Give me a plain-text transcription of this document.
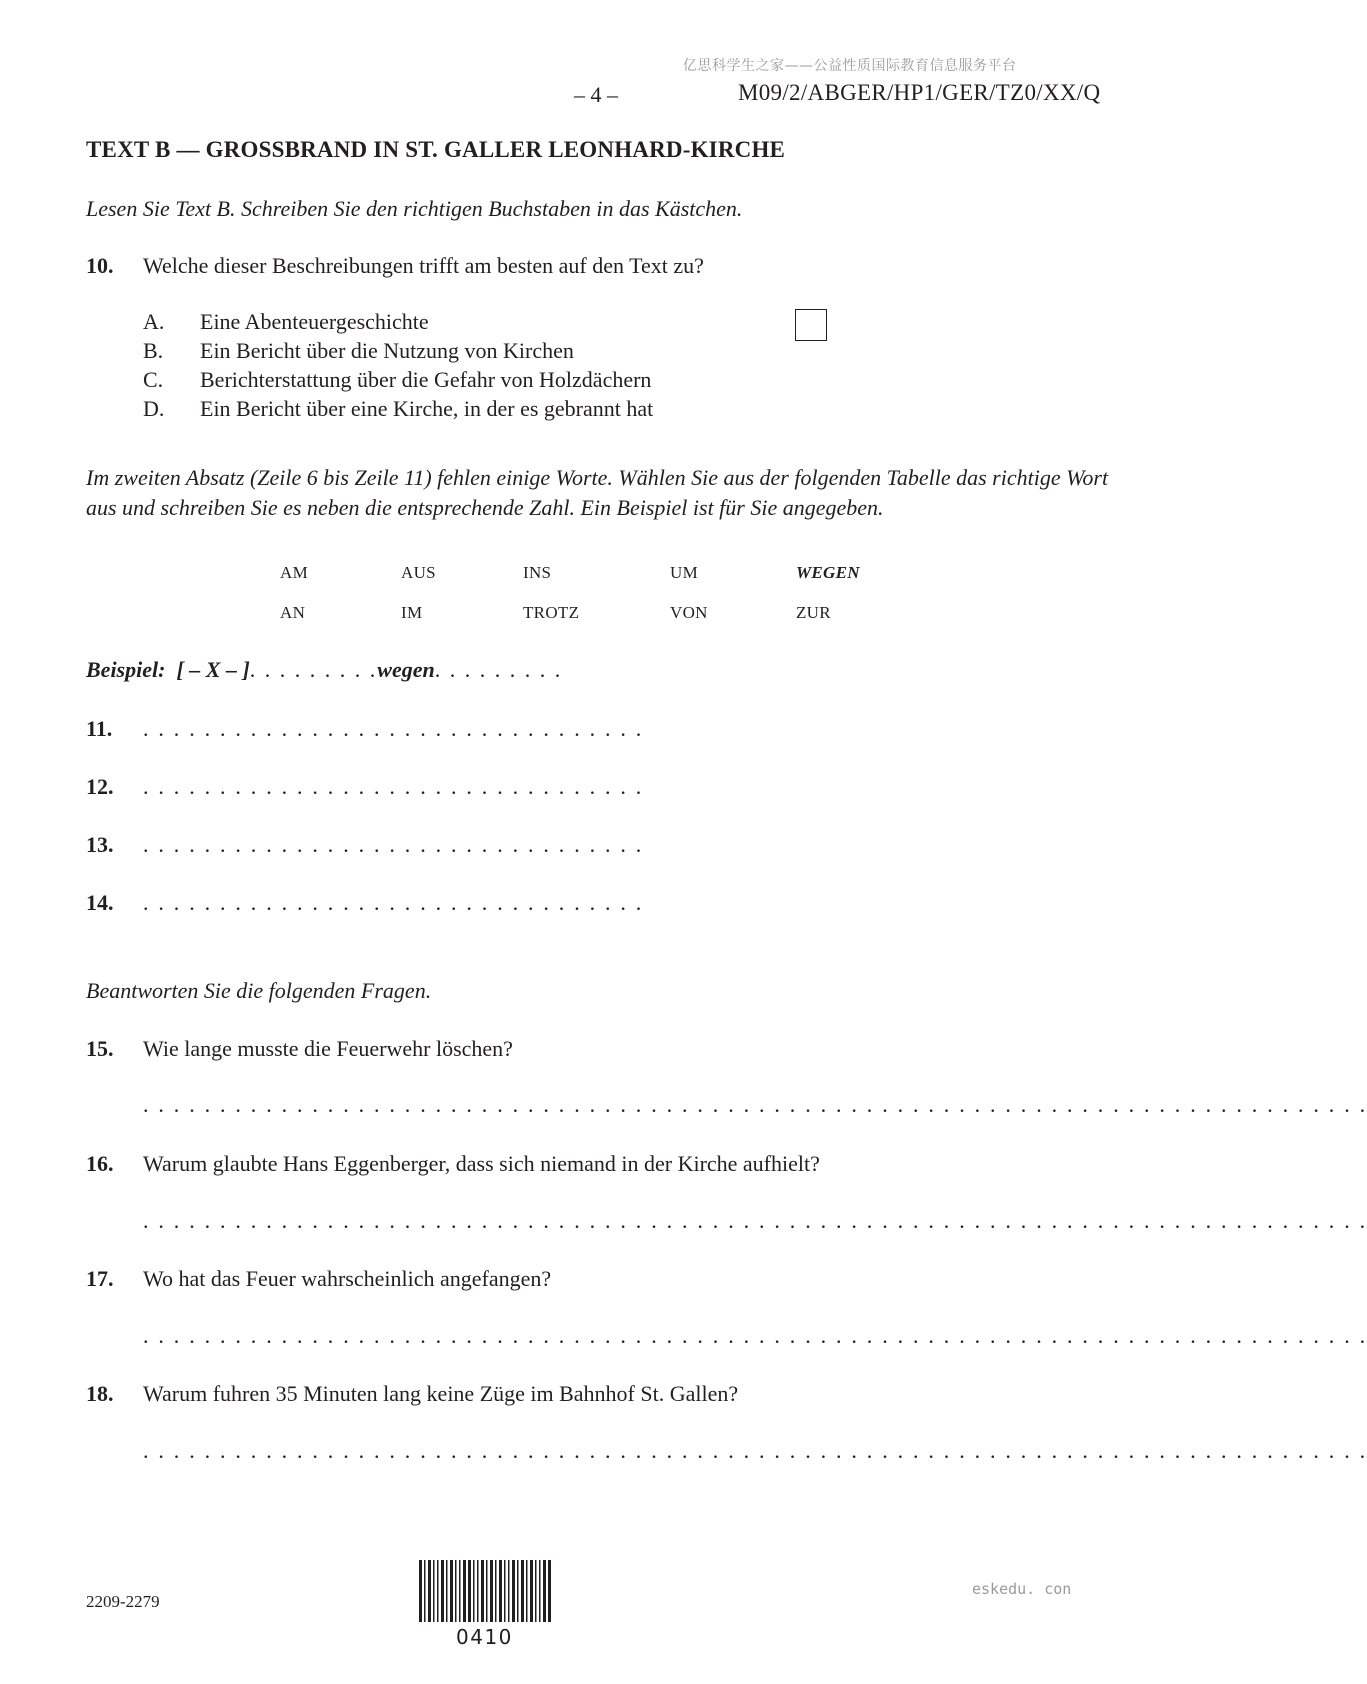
亿思科学生之家——公益性质国际教育信息服务平台
– 4 –	M09/2/ABGER/HP1/GER/TZ0/XX/Q
TEXT B — GROSSBRAND IN ST. GALLER LEONHARD-KIRCHE
Lesen Sie Text B. Schreiben Sie den richtigen Buchstaben in das Kästchen.
10. Welche dieser Beschreibungen trifft am besten auf den Text zu?
A. Eine Abenteuergeschichte
B. Ein Bericht über die Nutzung von Kirchen
C. Berichterstattung über die Gefahr von Holzdächern
D. Ein Bericht über eine Kirche, in der es gebrannt hat
Im zweiten Absatz (Zeile 6 bis Zeile 11) fehlen einige Worte. Wählen Sie aus der folgenden Tabelle das richtige Wort aus und schreiben Sie es neben die entsprechende Zahl. Ein Beispiel ist für Sie angegeben.
AM	AUS	INS	UM	WEGEN
AN	IM	TROTZ	VON	ZUR
Beispiel: [ – X – ]. . . . . . . . .wegen. . . . . . . . .
11. . . . . . . . . . . . . . . . . . . . . . . . . . . . . . . . . .
12. . . . . . . . . . . . . . . . . . . . . . . . . . . . . . . . . .
13. . . . . . . . . . . . . . . . . . . . . . . . . . . . . . . . . .
14. . . . . . . . . . . . . . . . . . . . . . . . . . . . . . . . . .
Beantworten Sie die folgenden Fragen.
15. Wie lange musste die Feuerwehr löschen?
. . . . . . . . . . . . . . . . . . . . . . . . . . . . . . . . . . . . . . . . . . . . . . . . . . . . . . . . . . . . . . . . . . . . . . . . . . . . . . . .
16. Warum glaubte Hans Eggenberger, dass sich niemand in der Kirche aufhielt?
. . . . . . . . . . . . . . . . . . . . . . . . . . . . . . . . . . . . . . . . . . . . . . . . . . . . . . . . . . . . . . . . . . . . . . . . . . . . . . . .
17. Wo hat das Feuer wahrscheinlich angefangen?
. . . . . . . . . . . . . . . . . . . . . . . . . . . . . . . . . . . . . . . . . . . . . . . . . . . . . . . . . . . . . . . . . . . . . . . . . . . . . . . .
18. Warum fuhren 35 Minuten lang keine Züge im Bahnhof St. Gallen?
. . . . . . . . . . . . . . . . . . . . . . . . . . . . . . . . . . . . . . . . . . . . . . . . . . . . . . . . . . . . . . . . . . . . . . . . . . . . . . . .
2209-2279
0410
eskedu. con
